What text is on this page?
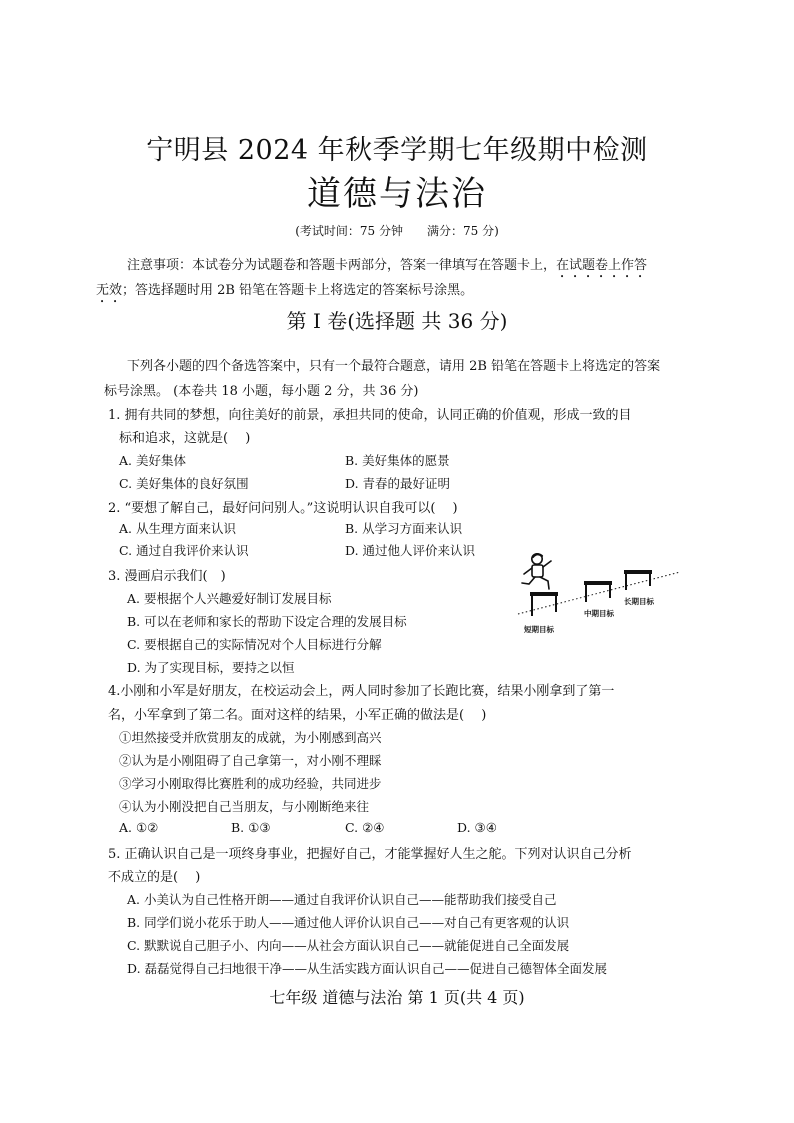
宁明县 2024 年秋季学期七年级期中检测
道德与法治
(考试时间：75 分钟　　满分：75 分)
注意事项：本试卷分为试题卷和答题卡两部分，答案一律填写在答题卡上，在试题卷上作答
无效；答选择题时用 2B 铅笔在答题卡上将选定的答案标号涂黑。
第 I 卷(选择题 共 36 分)
下列各小题的四个备选答案中，只有一个最符合题意，请用 2B 铅笔在答题卡上将选定的答案
标号涂黑。 (本卷共 18 小题，每小题 2 分，共 36 分)
1. 拥有共同的梦想，向往美好的前景，承担共同的使命，认同正确的价值观，形成一致的目
标和追求，这就是(　 )
A. 美好集体	B. 美好集体的愿景
C. 美好集体的良好氛围	D. 青春的最好证明
2. “要想了解自己，最好问问别人。”这说明认识自我可以(　 )
A. 从生理方面来认识	B. 从学习方面来认识
C. 通过自我评价来认识	D. 通过他人评价来认识
3. 漫画启示我们(　)
A. 要根据个人兴趣爱好制订发展目标
B. 可以在老师和家长的帮助下设定合理的发展目标
C. 要根据自己的实际情况对个人目标进行分解
D. 为了实现目标，要持之以恒
短期目标
中期目标
长期目标
4.小刚和小军是好朋友，在校运动会上，两人同时参加了长跑比赛，结果小刚拿到了第一
名，小军拿到了第二名。面对这样的结果，小军正确的做法是(　 )
①坦然接受并欣赏朋友的成就，为小刚感到高兴
②认为是小刚阻碍了自己拿第一，对小刚不理睬
③学习小刚取得比赛胜利的成功经验，共同进步
④认为小刚没把自己当朋友，与小刚断绝来往
A. ①②	B. ①③	C. ②④	D. ③④
5. 正确认识自己是一项终身事业，把握好自己，才能掌握好人生之舵。下列对认识自己分析
不成立的是(　 )
A. 小美认为自己性格开朗——通过自我评价认识自己——能帮助我们接受自己
B. 同学们说小花乐于助人——通过他人评价认识自己——对自己有更客观的认识
C. 默默说自己胆子小、内向——从社会方面认识自己——就能促进自己全面发展
D. 磊磊觉得自己扫地很干净——从生活实践方面认识自己——促进自己德智体全面发展
七年级 道德与法治 第 1 页(共 4 页)
